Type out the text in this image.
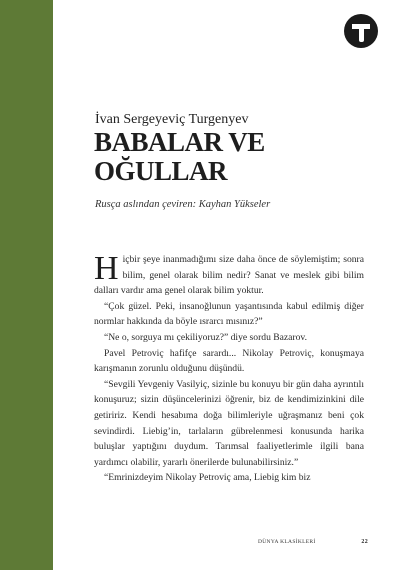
İvan Sergeyeviç Turgenyev
BABALAR VE
OĞULLAR
Rusça aslından çeviren: Kayhan Yükseler

Hiçbir şeye inanmadığımı size daha önce de söylemiştim; sonra bilim, genel olarak bilim nedir? Sanat ve meslek gibi bilim dalları vardır ama genel olarak bilim yoktur.

“Çok güzel. Peki, insanoğlunun yaşantısında kabul edilmiş diğer normlar hakkında da böyle ısrarcı mısınız?”

“Ne o, sorguya mı çekiliyoruz?” diye sordu Bazarov.

Pavel Petroviç hafifçe sarardı... Nikolay Petroviç, konuşmaya karışmanın zorunlu olduğunu düşündü.

“Sevgili Yevgeniy Vasilyiç, sizinle bu konuyu bir gün daha ayrıntılı konuşuruz; sizin düşüncelerinizi öğrenir, biz de kendimizinkini dile getiririz. Kendi hesabıma doğa bilimleriyle uğraşmanız beni çok sevindirdi. Liebig’in, tarlaların gübrelenmesi konusunda harika buluşlar yaptığını duydum. Tarımsal faaliyetlerimle ilgili bana yardımcı olabilir, yararlı önerilerde bulunabilirsiniz.”

“Emrinizdeyim Nikolay Petroviç ama, Liebig kim biz

DÜNYA KLASİKLERİ	22
